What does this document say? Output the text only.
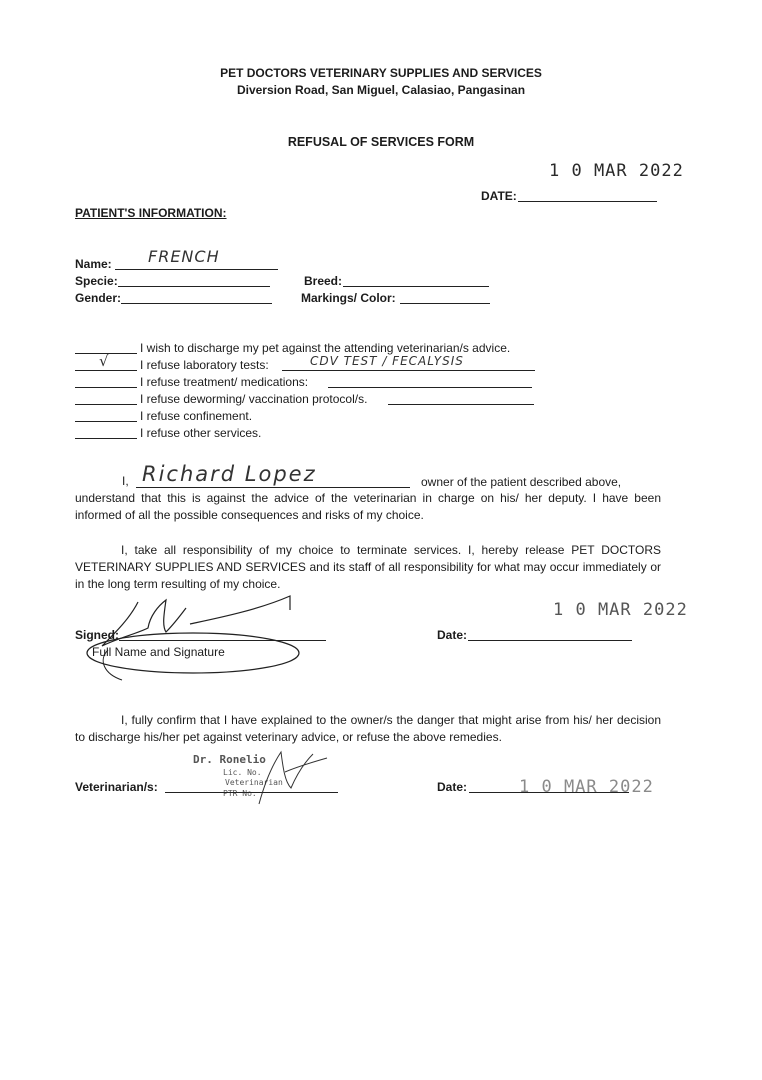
PET DOCTORS VETERINARY SUPPLIES AND SERVICES
Diversion Road, San Miguel, Calasiao, Pangasinan
REFUSAL OF SERVICES FORM
1 0 MAR 2022
DATE:
PATIENT'S INFORMATION:
Name: FRENCH
Specie:	Breed:
Gender:	Markings/ Color:
I wish to discharge my pet against the attending veterinarian/s advice.
√	I refuse laboratory tests:	CDV TEST / FECALYSIS
I refuse treatment/ medications:
I refuse deworming/ vaccination protocol/s.
I refuse confinement.
I refuse other services.
I, Richard Lopez	owner of the patient described above,
understand that this is against the advice of the veterinarian in charge on his/ her deputy. I have been informed of all the possible consequences and risks of my choice.
I, take all responsibility of my choice to terminate services. I, hereby release PET DOCTORS VETERINARY SUPPLIES AND SERVICES and its staff of all responsibility for what may occur immediately or in the long term resulting of my choice.
Signed:
Full Name and Signature
1 0 MAR 2022
Date:
I, fully confirm that I have explained to the owner/s the danger that might arise from his/ her decision to discharge his/her pet against veterinary advice, or refuse the above remedies.
Dr. Ronelio
Lic. No.
Veterinarian
PTR No.
Veterinarian/s:	Date:	1 0 MAR 2022
